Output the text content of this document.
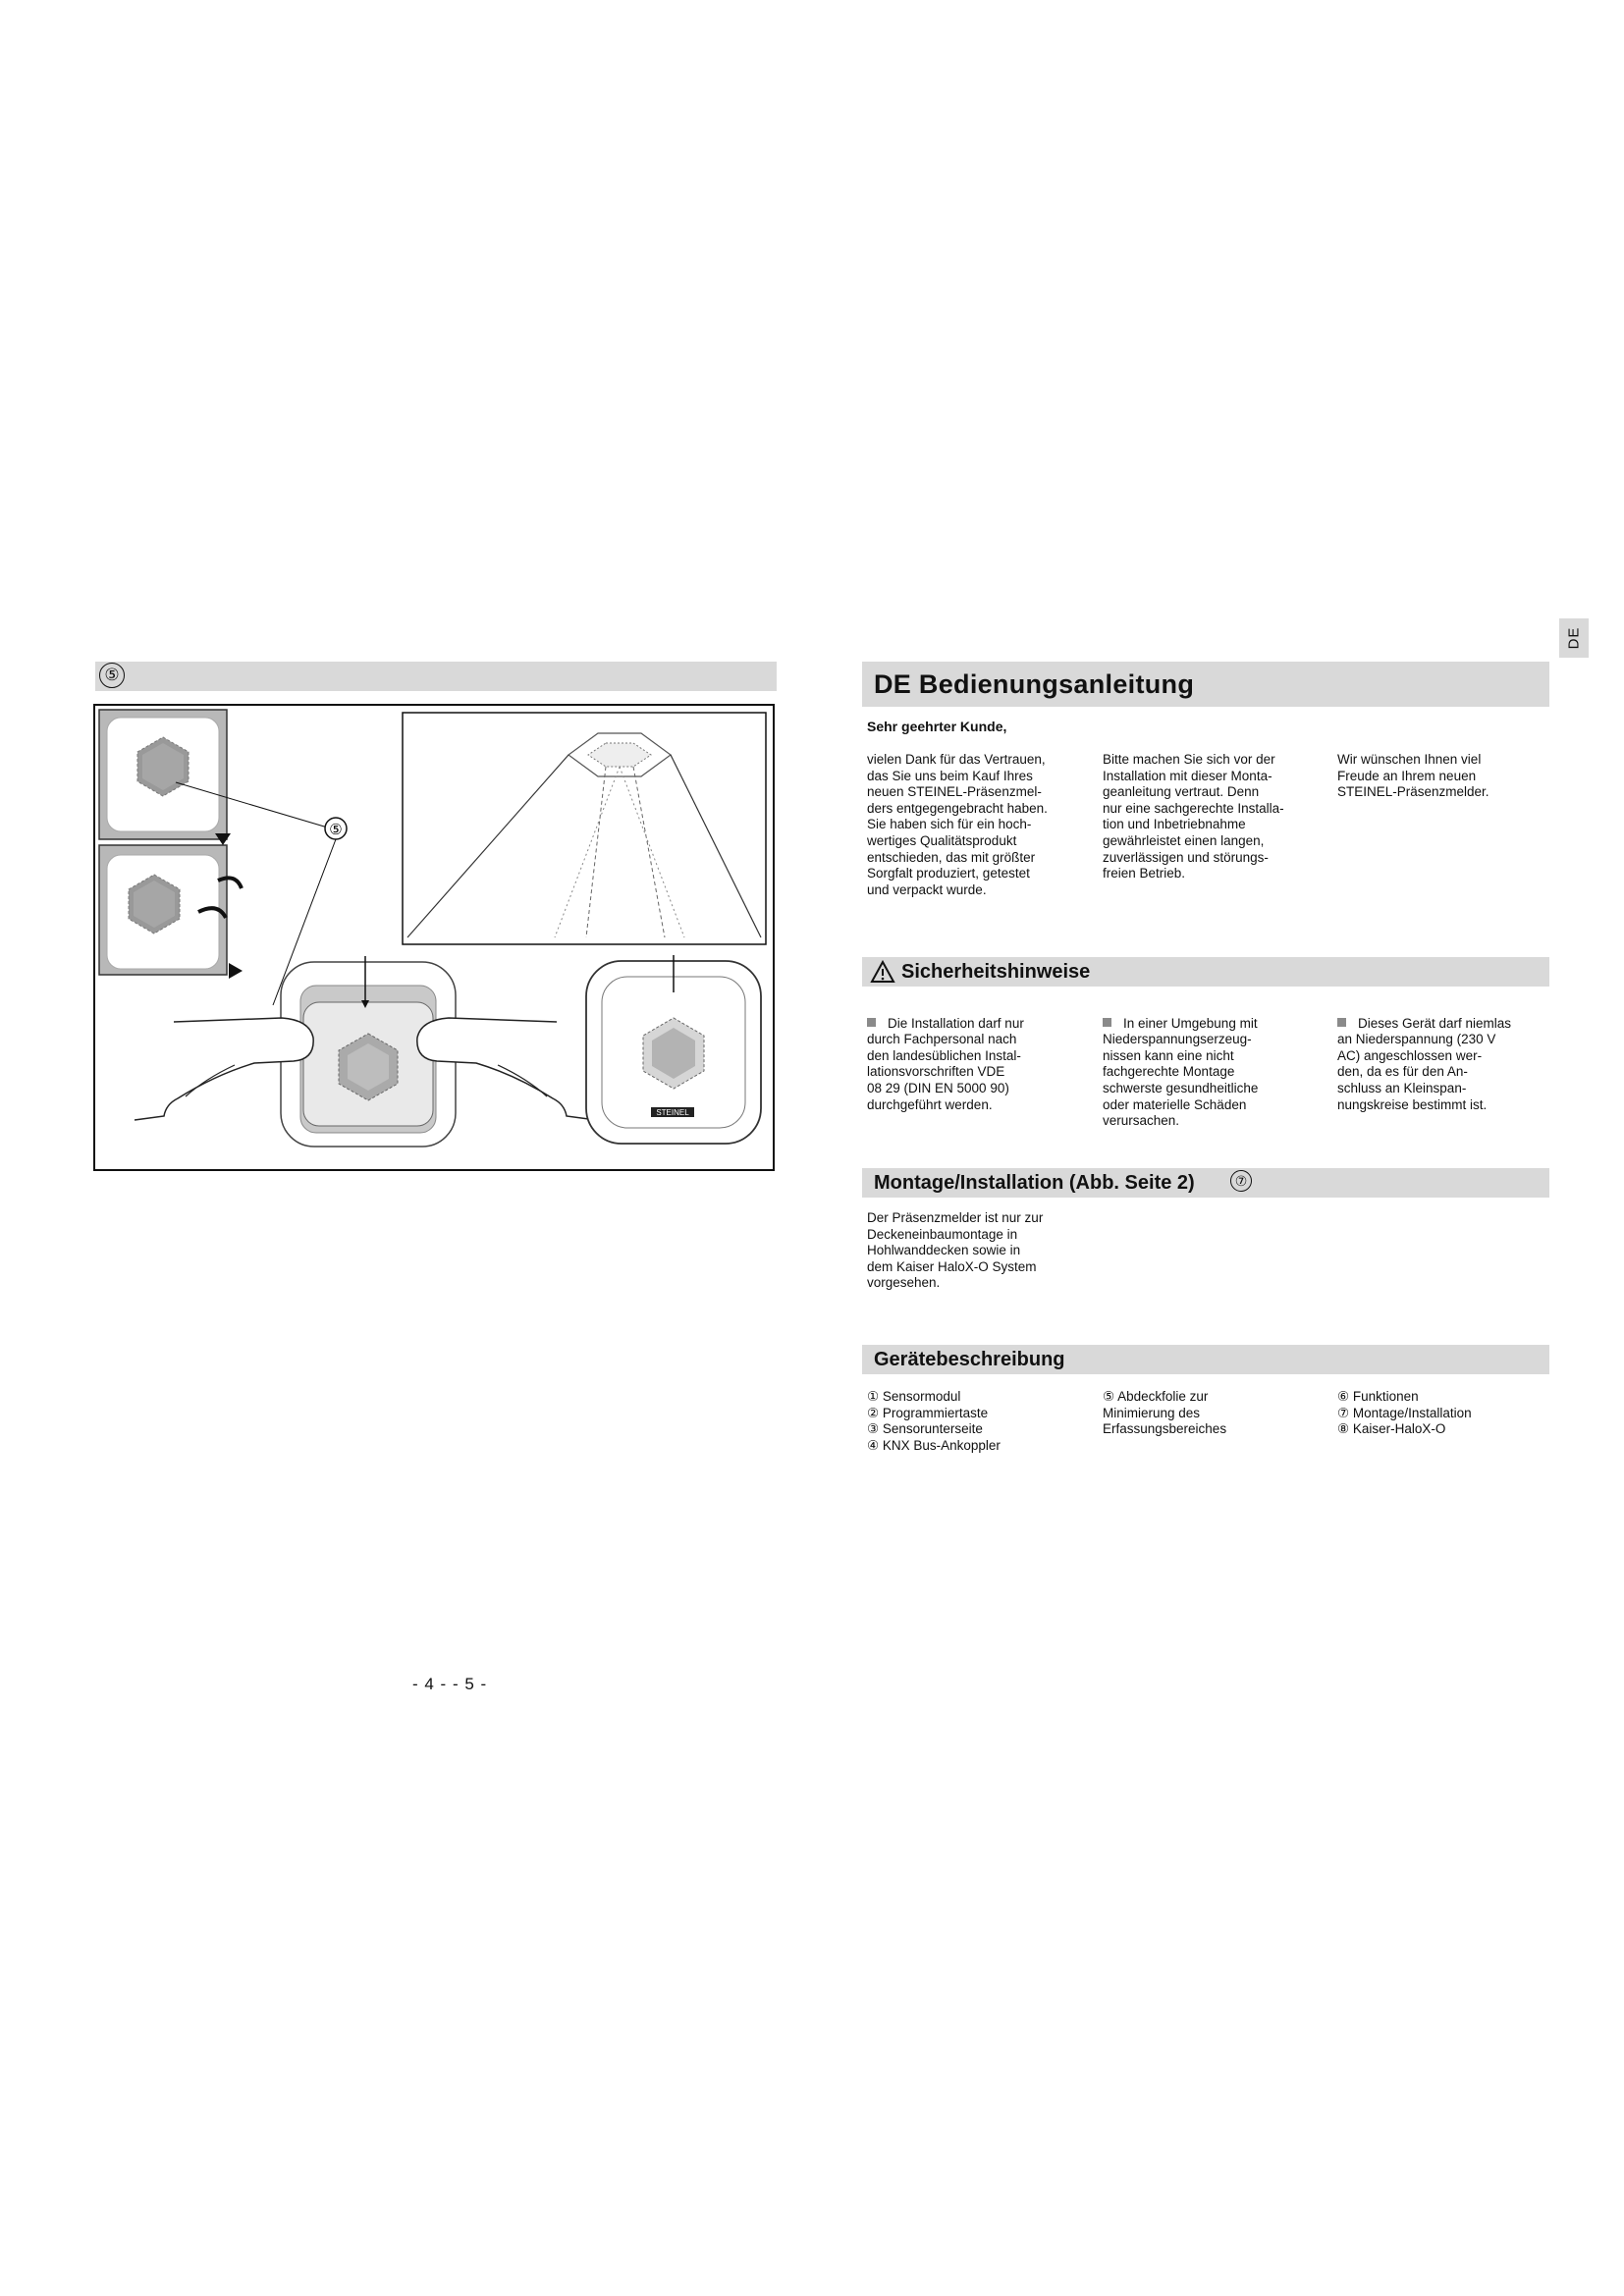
DE
⑤
⑤
STEINEL
DE Bedienungsanleitung
Sehr geehrter Kunde,
vielen Dank für das Vertrauen,
das Sie uns beim Kauf Ihres
neuen STEINEL-Präsenzmel-
ders entgegengebracht haben.
Sie haben sich für ein hoch-
wertiges Qualitätsprodukt
entschieden, das mit größter
Sorgfalt produziert, getestet
und verpackt wurde.
Bitte machen Sie sich vor der
Installation mit dieser Monta-
geanleitung vertraut. Denn
nur eine sachgerechte Installa-
tion und Inbetriebnahme
gewährleistet einen langen,
zuverlässigen und störungs-
freien Betrieb.
Wir wünschen Ihnen viel
Freude an Ihrem neuen
STEINEL-Präsenzmelder.
Sicherheitshinweise

Die Installation darf nur
durch Fachpersonal nach
den landesüblichen Instal-
lationsvorschriften VDE
08 29 (DIN EN 5000 90)
durchgeführt werden.

In einer Umgebung mit
Niederspannungserzeug-
nissen kann eine nicht
fachgerechte Montage
schwerste gesundheitliche
oder materielle Schäden
verursachen.

Dieses Gerät darf niemlas
an Niederspannung (230 V
AC) angeschlossen wer-
den, da es für den An-
schluss an Kleinspan-
nungskreise bestimmt ist.

Montage/Installation (Abb. Seite 2)	⑦
Der Präsenzmelder ist nur zur
Deckeneinbaumontage in
Hohlwanddecken sowie in
dem Kaiser HaloX-O System
vorgesehen.
Gerätebeschreibung
① Sensormodul
② Programmiertaste
③ Sensorunterseite
④ KNX Bus-Ankoppler
⑤ Abdeckfolie zur
Minimierung des
Erfassungsbereiches
⑥ Funktionen
⑦ Montage/Installation
⑧ Kaiser-HaloX-O
- 4 - - 5 -
